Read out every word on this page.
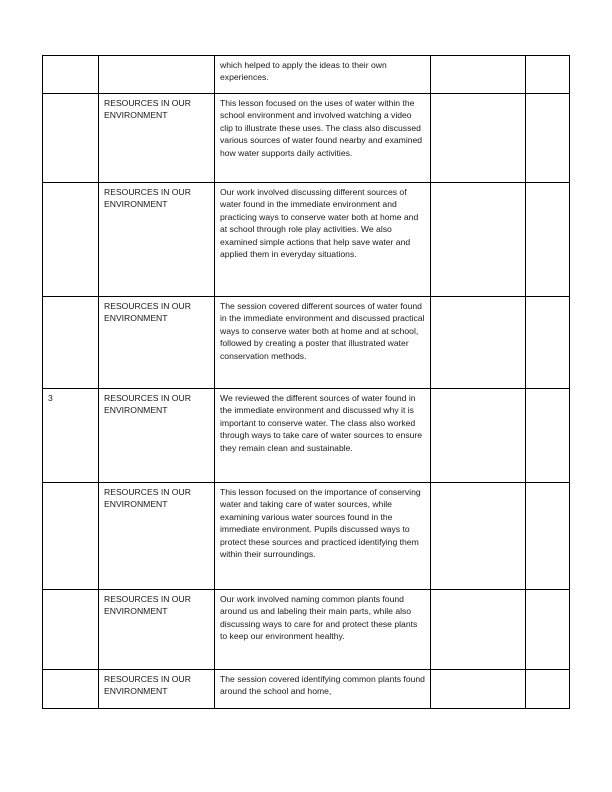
		which helped to apply the ideas to their own experiences.		
	RESOURCES IN OUR ENVIRONMENT	This lesson focused on the uses of water within the school environment and involved watching a video clip to illustrate these uses. The class also discussed various sources of water found nearby and examined how water supports daily activities.		
	RESOURCES IN OUR ENVIRONMENT	Our work involved discussing different sources of water found in the immediate environment and practicing ways to conserve water both at home and at school through role play activities. We also examined simple actions that help save water and applied them in everyday situations.		
	RESOURCES IN OUR ENVIRONMENT	The session covered different sources of water found in the immediate environment and discussed practical ways to conserve water both at home and at school, followed by creating a poster that illustrated water conservation methods.		
3	RESOURCES IN OUR ENVIRONMENT	We reviewed the different sources of water found in the immediate environment and discussed why it is important to conserve water. The class also worked through ways to take care of water sources to ensure they remain clean and sustainable.		
	RESOURCES IN OUR ENVIRONMENT	This lesson focused on the importance of conserving water and taking care of water sources, while examining various water sources found in the immediate environment. Pupils discussed ways to protect these sources and practiced identifying them within their surroundings.		
	RESOURCES IN OUR ENVIRONMENT	Our work involved naming common plants found around us and labeling their main parts, while also discussing ways to care for and protect these plants to keep our environment healthy.		
	RESOURCES IN OUR ENVIRONMENT	The session covered identifying common plants found around the school and home,		
